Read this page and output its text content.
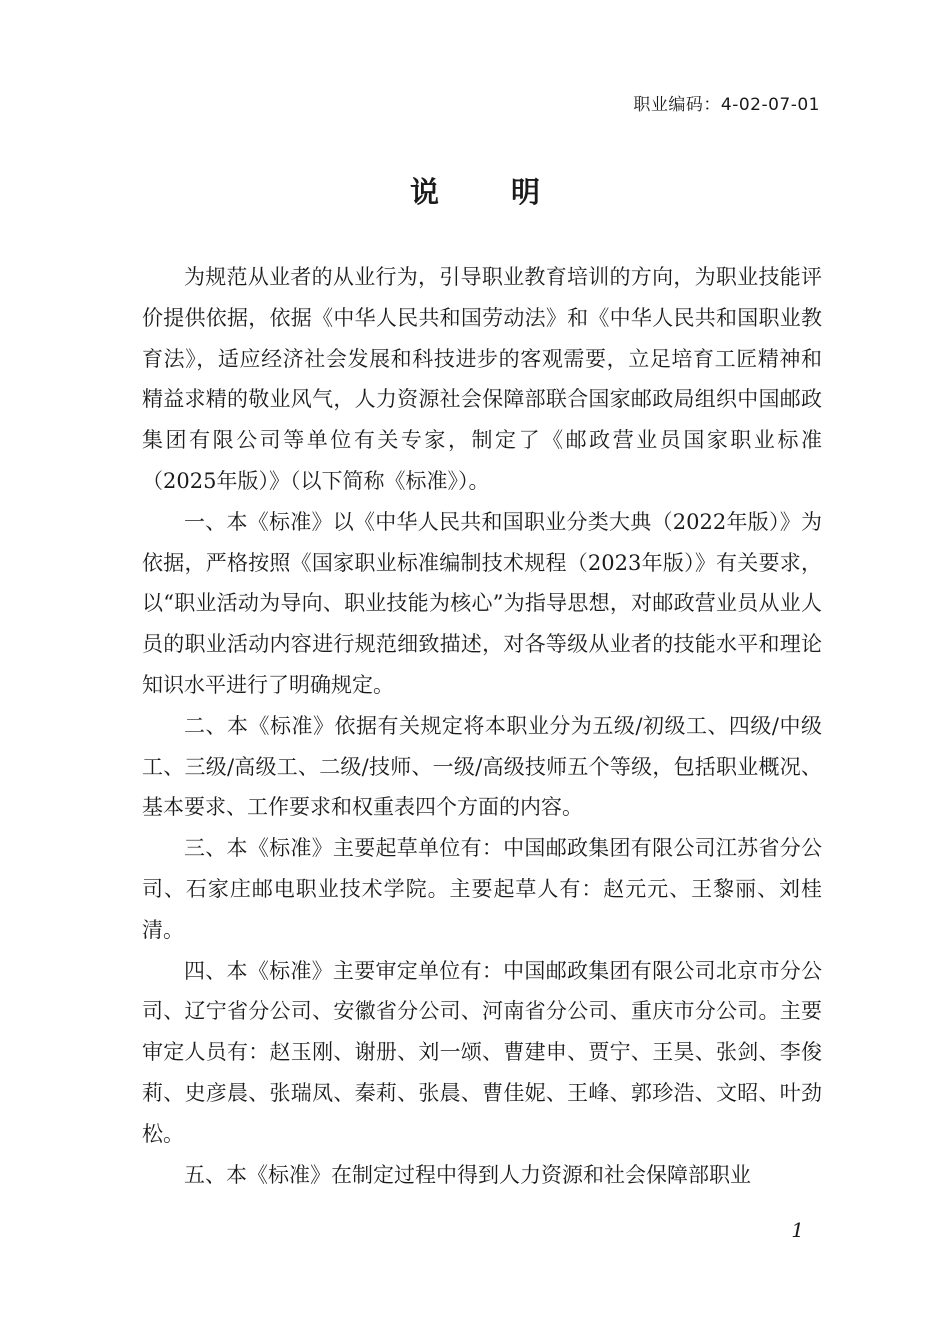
职业编码：4-02-07-01
说明

为规范从业者的从业行为，引导职业教育培训的方向，为职业技能评价提供依据，依据《中华人民共和国劳动法》和《中华人民共和国职业教育法》，适应经济社会发展和科技进步的客观需要，立足培育工匠精神和精益求精的敬业风气，人力资源社会保障部联合国家邮政局组织中国邮政集团有限公司等单位有关专家，制定了《邮政营业员国家职业标准（2025年版）》（以下简称《标准》）。

一、本《标准》以《中华人民共和国职业分类大典（2022年版）》为依据，严格按照《国家职业标准编制技术规程（2023年版）》有关要求，以“职业活动为导向、职业技能为核心”为指导思想，对邮政营业员从业人员的职业活动内容进行规范细致描述，对各等级从业者的技能水平和理论知识水平进行了明确规定。

二、本《标准》依据有关规定将本职业分为五级/初级工、四级/中级工、三级/高级工、二级/技师、一级/高级技师五个等级，包括职业概况、基本要求、工作要求和权重表四个方面的内容。

三、本《标准》主要起草单位有：中国邮政集团有限公司江苏省分公司、石家庄邮电职业技术学院。主要起草人有：赵元元、王黎丽、刘桂清。

四、本《标准》主要审定单位有：中国邮政集团有限公司北京市分公司、辽宁省分公司、安徽省分公司、河南省分公司、重庆市分公司。主要审定人员有：赵玉刚、谢册、刘一颂、曹建申、贾宁、王昊、张剑、李俊莉、史彦晨、张瑞凤、秦莉、张晨、曹佳妮、王峰、郭珍浩、文昭、叶劲松。

五、本《标准》在制定过程中得到人力资源和社会保障部职业

1
